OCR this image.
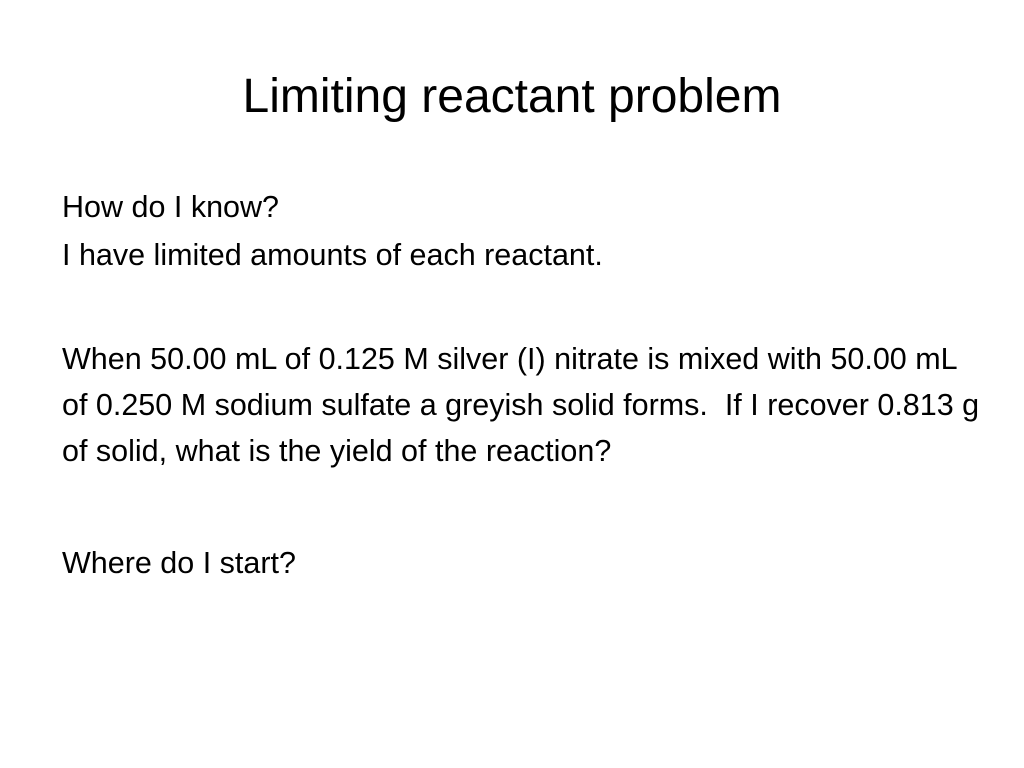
Limiting reactant problem

How do I know?

I have limited amounts of each reactant.

When 50.00 mL of 0.125 M silver (I) nitrate is mixed with 50.00 mL of 0.250 M sodium sulfate a greyish solid forms.  If I recover 0.813 g of solid, what is the yield of the reaction?

Where do I start?
